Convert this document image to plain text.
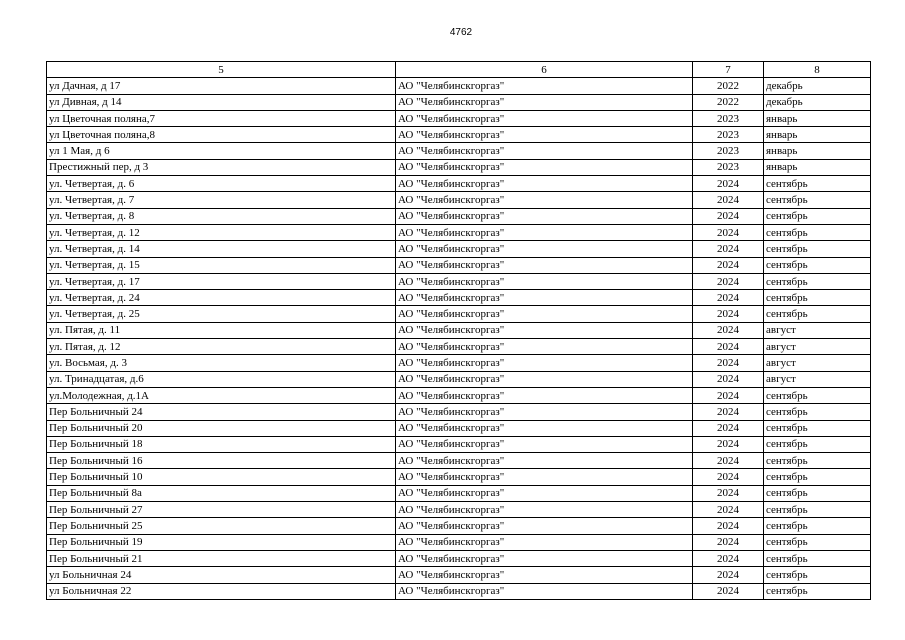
4762
5	6	7	8
ул Дачная, д 17	АО "Челябинскгоргаз"	2022	декабрь
ул Дивная, д 14	АО "Челябинскгоргаз"	2022	декабрь
ул Цветочная поляна,7	АО "Челябинскгоргаз"	2023	январь
ул Цветочная поляна,8	АО "Челябинскгоргаз"	2023	январь
ул 1 Мая, д 6	АО "Челябинскгоргаз"	2023	январь
Престижный пер, д 3	АО "Челябинскгоргаз"	2023	январь
ул. Четвертая, д. 6	АО "Челябинскгоргаз"	2024	сентябрь
ул. Четвертая, д. 7	АО "Челябинскгоргаз"	2024	сентябрь
ул. Четвертая, д. 8	АО "Челябинскгоргаз"	2024	сентябрь
ул. Четвертая, д. 12	АО "Челябинскгоргаз"	2024	сентябрь
ул. Четвертая, д. 14	АО "Челябинскгоргаз"	2024	сентябрь
ул. Четвертая, д. 15	АО "Челябинскгоргаз"	2024	сентябрь
ул. Четвертая, д. 17	АО "Челябинскгоргаз"	2024	сентябрь
ул. Четвертая, д. 24	АО "Челябинскгоргаз"	2024	сентябрь
ул. Четвертая, д. 25	АО "Челябинскгоргаз"	2024	сентябрь
ул. Пятая, д. 11	АО "Челябинскгоргаз"	2024	август
ул. Пятая, д. 12	АО "Челябинскгоргаз"	2024	август
ул. Восьмая, д. 3	АО "Челябинскгоргаз"	2024	август
ул. Тринадцатая, д.6	АО "Челябинскгоргаз"	2024	август
ул.Молодежная, д.1А	АО "Челябинскгоргаз"	2024	сентябрь
Пер Больничный 24	АО "Челябинскгоргаз"	2024	сентябрь
Пер Больничный 20	АО "Челябинскгоргаз"	2024	сентябрь
Пер Больничный 18	АО "Челябинскгоргаз"	2024	сентябрь
Пер Больничный 16	АО "Челябинскгоргаз"	2024	сентябрь
Пер Больничный 10	АО "Челябинскгоргаз"	2024	сентябрь
Пер Больничный 8а	АО "Челябинскгоргаз"	2024	сентябрь
Пер Больничный 27	АО "Челябинскгоргаз"	2024	сентябрь
Пер Больничный 25	АО "Челябинскгоргаз"	2024	сентябрь
Пер Больничный 19	АО "Челябинскгоргаз"	2024	сентябрь
Пер Больничный 21	АО "Челябинскгоргаз"	2024	сентябрь
ул Больничная 24	АО "Челябинскгоргаз"	2024	сентябрь
ул Больничная 22	АО "Челябинскгоргаз"	2024	сентябрь
